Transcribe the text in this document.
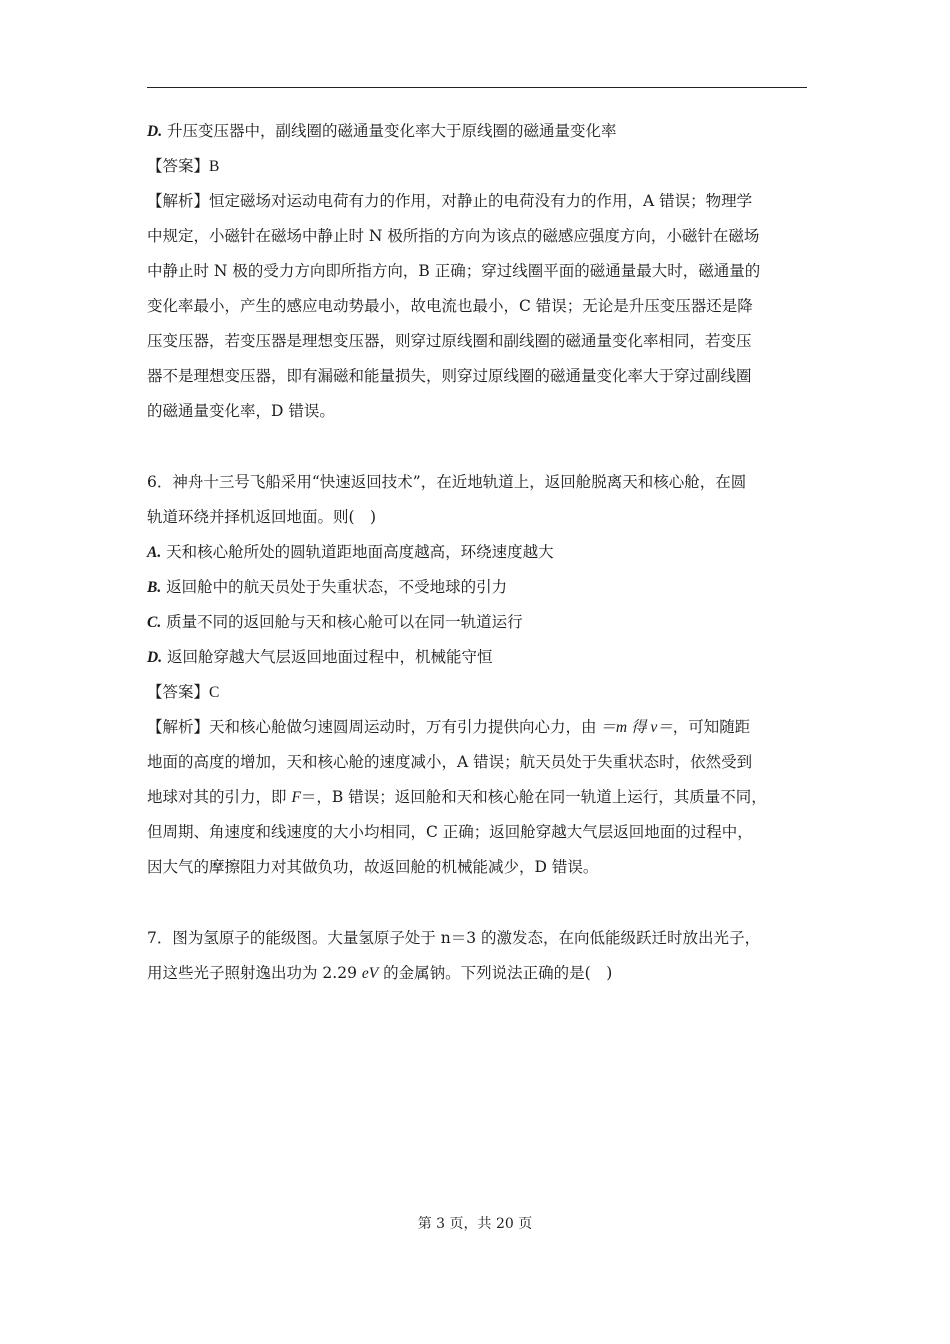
D. 升压变压器中，副线圈的磁通量变化率大于原线圈的磁通量变化率
【答案】B
【解析】恒定磁场对运动电荷有力的作用，对静止的电荷没有力的作用，A 错误；物理学
中规定，小磁针在磁场中静止时 N 极所指的方向为该点的磁感应强度方向，小磁针在磁场
中静止时 N 极的受力方向即所指方向，B 正确；穿过线圈平面的磁通量最大时，磁通量的
变化率最小，产生的感应电动势最小，故电流也最小，C 错误；无论是升压变压器还是降
压变压器，若变压器是理想变压器，则穿过原线圈和副线圈的磁通量变化率相同，若变压
器不是理想变压器，即有漏磁和能量损失，则穿过原线圈的磁通量变化率大于穿过副线圈
的磁通量变化率，D 错误。
6．神舟十三号飞船采用“快速返回技术”，在近地轨道上，返回舱脱离天和核心舱，在圆
轨道环绕并择机返回地面。则(　)
A. 天和核心舱所处的圆轨道距地面高度越高，环绕速度越大
B. 返回舱中的航天员处于失重状态，不受地球的引力
C. 质量不同的返回舱与天和核心舱可以在同一轨道运行
D. 返回舱穿越大气层返回地面过程中，机械能守恒
【答案】C
【解析】天和核心舱做匀速圆周运动时，万有引力提供向心力，由 ＝m 得 v＝，可知随距
地面的高度的增加，天和核心舱的速度减小，A 错误；航天员处于失重状态时，依然受到
地球对其的引力，即 F＝，B 错误；返回舱和天和核心舱在同一轨道上运行，其质量不同，
但周期、角速度和线速度的大小均相同，C 正确；返回舱穿越大气层返回地面的过程中，
因大气的摩擦阻力对其做负功，故返回舱的机械能减少，D 错误。
7．图为氢原子的能级图。大量氢原子处于 n＝3 的激发态，在向低能级跃迁时放出光子，
用这些光子照射逸出功为 2.29 eV 的金属钠。下列说法正确的是(　)
第 3 页，共 20 页
